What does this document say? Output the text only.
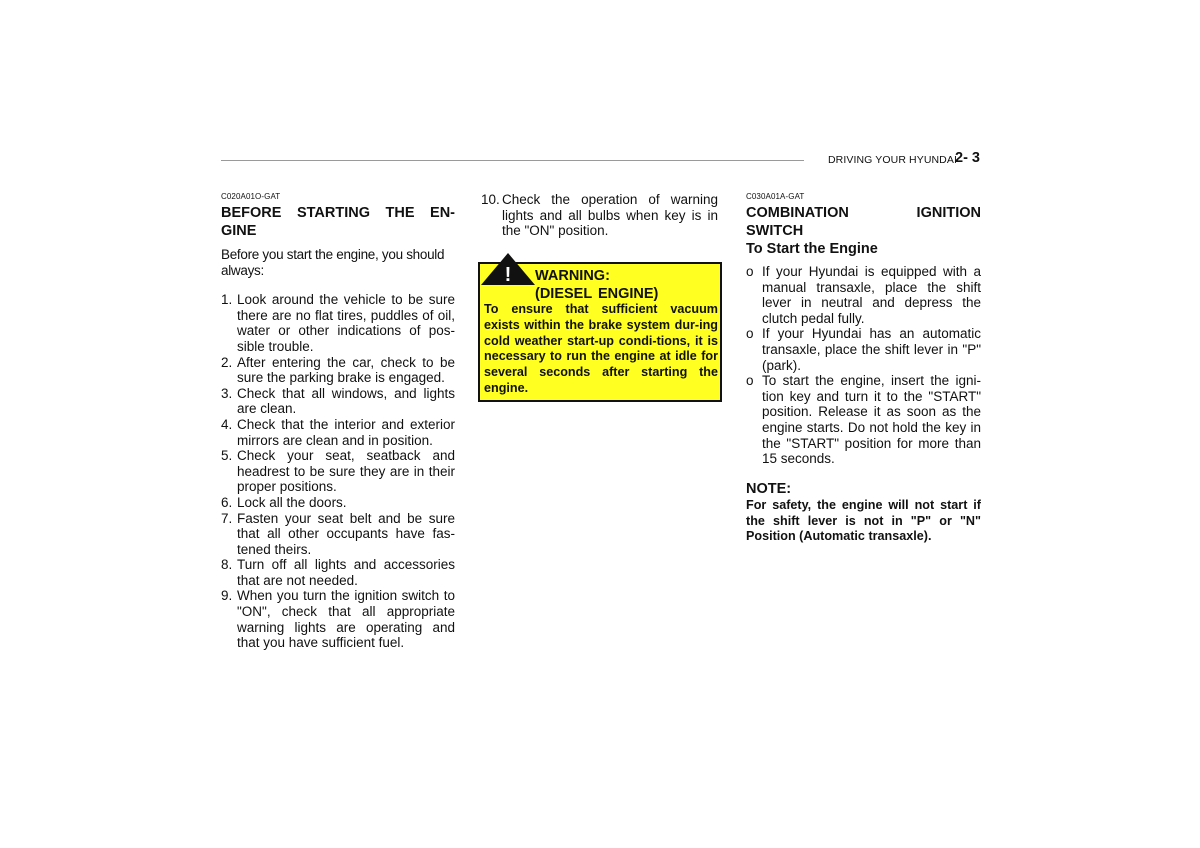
DRIVING YOUR HYUNDAI
2- 3
C020A01O-GAT
BEFORE STARTING THE EN-
GINE

Before you start the engine, you should always:

1. Look around the vehicle to be sure there are no flat tires, puddles of oil, water or other indications of pos-sible trouble.
2. After entering the car, check to be sure the parking brake is engaged.
3. Check that all windows, and lights are clean.
4. Check that the interior and exterior mirrors are clean and in position.
5. Check your seat, seatback and headrest to be sure they are in their proper positions.
6. Lock all the doors.
7. Fasten your seat belt and be sure that all other occupants have fas-tened theirs.
8. Turn off all lights and accessories that are not needed.
9. When you turn the ignition switch to "ON", check that all appropriate warning lights are operating and that you have sufficient fuel.
10. Check the operation of warning lights and all bulbs when key is in the "ON" position.
! WARNING:
(DIESEL ENGINE)
To ensure that sufficient vacuum exists within the brake system dur-ing cold weather start-up condi-tions, it is necessary to run the engine at idle for several seconds after starting the engine.
C030A01A-GAT
COMBINATION IGNITION
SWITCH
To Start the Engine
o If your Hyundai is equipped with a manual transaxle, place the shift lever in neutral and depress the clutch pedal fully.
o If your Hyundai has an automatic transaxle, place the shift lever in "P" (park).
o To start the engine, insert the igni-tion key and turn it to the "START" position. Release it as soon as the engine starts. Do not hold the key in the "START" position for more than 15 seconds.
NOTE:

For safety, the engine will not start if the shift lever is not in "P" or "N" Position (Automatic transaxle).
